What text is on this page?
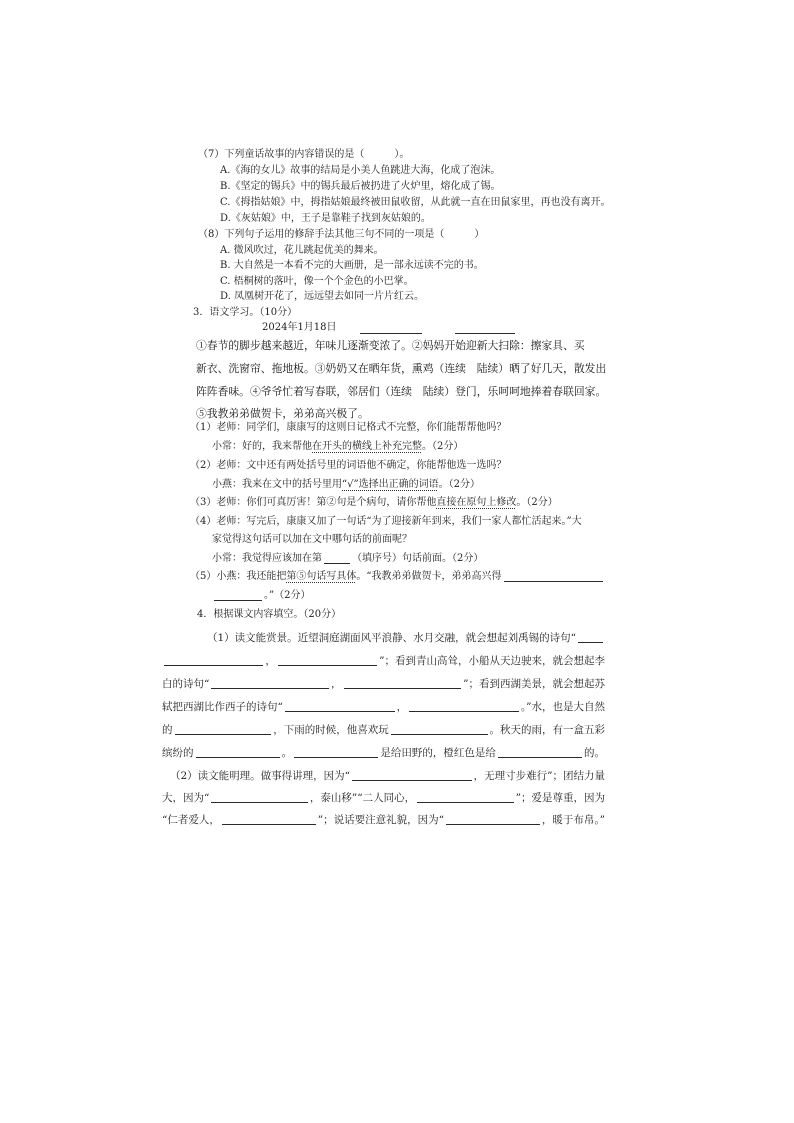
（7）下列童话故事的内容错误的是（　　　）。
A.《海的女儿》故事的结局是小美人鱼跳进大海，化成了泡沫。
B.《坚定的锡兵》中的锡兵最后被扔进了火炉里，熔化成了锡。
C.《拇指姑娘》中，拇指姑娘最终被田鼠收留，从此就一直在田鼠家里，再也没有离开。
D.《灰姑娘》中，王子是靠鞋子找到灰姑娘的。
（8）下列句子运用的修辞手法其他三句不同的一项是（　　　）
A. 微风吹过，花儿跳起优美的舞来。
B. 大自然是一本看不完的大画册，是一部永远读不完的书。
C. 梧桐树的落叶，像一个个金色的小巴掌。
D. 凤凰树开花了，远远望去如同一片片红云。
3．语文学习。（10分）
2024年1月18日
①春节的脚步越来越近，年味儿逐渐变浓了。②妈妈开始迎新大扫除：擦家具、买
新衣、洗窗帘、拖地板。③奶奶又在晒年货，熏鸡（连续　陆续）晒了好几天，散发出
阵阵香味。④爷爷忙着写春联，邻居们（连续　陆续）登门，乐呵呵地捧着春联回家。
⑤我教弟弟做贺卡，弟弟高兴极了。
（1）老师：同学们，康康写的这则日记格式不完整，你们能帮帮他吗？
小常：好的，我来帮他在开头的横线上补充完整。（2分）
（2）老师：文中还有两处括号里的词语他不确定，你能帮他选一选吗？
小燕：我来在文中的括号里用“√”选择出正确的词语。（2分）
（3）老师：你们可真厉害！第②句是个病句，请你帮他直接在原句上修改。（2分）
（4）老师：写完后，康康又加了一句话“为了迎接新年到来，我们一家人都忙活起来。”大
家觉得这句话可以加在文中哪句话的前面呢？
小常：我觉得应该加在第	（填序号）句话前面。（2分）
（5）小燕：我还能把 第⑤句话写具体 。“我教弟弟做贺卡，弟弟高兴得
。”（2分）
4．根据课文内容填空。（20分）
（1）读文能赏景。近望洞庭湖面风平浪静、水月交融，就会想起刘禹锡的诗句“
，	”；看到青山高耸，小船从天边驶来，就会想起李
白的诗句“	，	”；看到西湖美景，就会想起苏
轼把西湖比作西子的诗句“	，	。”水，也是大自然
的	，下雨的时候，他喜欢玩	。秋天的雨，有一盒五彩
缤纷的	。	是给田野的，橙红色是给	的。
（2）读文能明理。做事得讲理，因为“	，无理寸步难行”；团结力量
大，因为“	，泰山移”“二人同心，	”；爱是尊重，因为
“仁者爱人，	”；说话要注意礼貌，因为“	，暖于布帛。”
